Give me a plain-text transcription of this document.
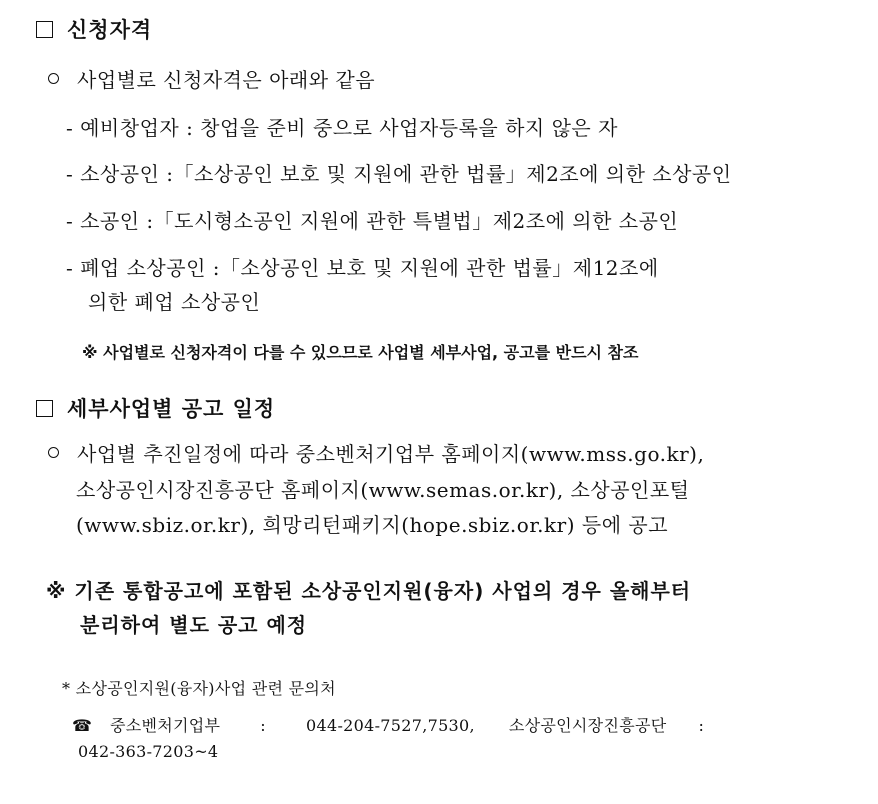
신청자격
사업별로 신청자격은 아래와 같음
- 예비창업자 : 창업을 준비 중으로 사업자등록을 하지 않은 자
- 소상공인 :「소상공인 보호 및 지원에 관한 법률」제2조에 의한 소상공인
- 소공인 :「도시형소공인 지원에 관한 특별법」제2조에 의한 소공인
- 폐업 소상공인 :「소상공인 보호 및 지원에 관한 법률」제12조에
의한 폐업 소상공인
※ 사업별로 신청자격이 다를 수 있으므로 사업별 세부사업, 공고를 반드시 참조
세부사업별 공고 일정
사업별 추진일정에 따라 중소벤처기업부 홈페이지(www.mss.go.kr),
소상공인시장진흥공단 홈페이지(www.semas.or.kr), 소상공인포털
(www.sbiz.or.kr), 희망리턴패키지(hope.sbiz.or.kr) 등에 공고
※ 기존 통합공고에 포함된 소상공인지원(융자) 사업의 경우 올해부터
분리하여 별도 공고 예정
* 소상공인지원(융자)사업 관련 문의처
☎ 중소벤처기업부	:	044-204-7527,7530, 소상공인시장진흥공단 :
042-363-7203~4
